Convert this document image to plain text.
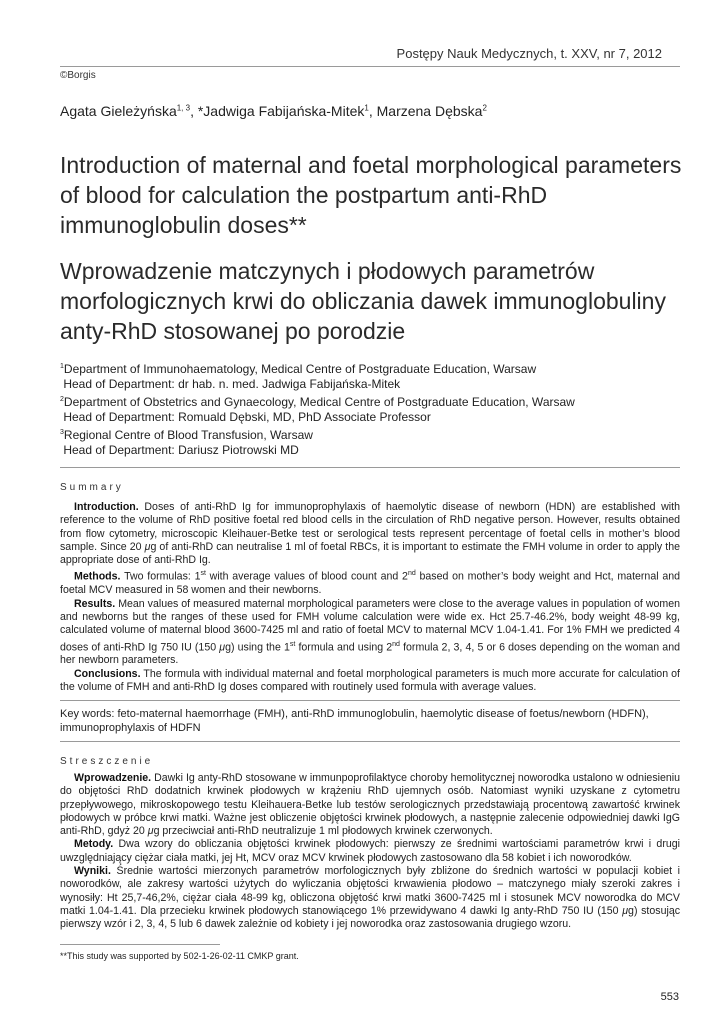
Postępy Nauk Medycznych, t. XXV, nr 7, 2012
©Borgis
Agata Gieleżyńska$^{1, 3}$, *Jadwiga Fabijańska-Mitek$^1$, Marzena Dębska$^2$
Introduction of maternal and foetal morphological parameters of blood for calculation the postpartum anti-RhD immunoglobulin doses**
Wprowadzenie matczynych i płodowych parametrów morfologicznych krwi do obliczania dawek immunoglobuliny anty-RhD stosowanej po porodzie
$^1$Department of Immunohaematology, Medical Centre of Postgraduate Education, Warsaw
Head of Department: dr hab. n. med. Jadwiga Fabijańska-Mitek
$^2$Department of Obstetrics and Gynaecology, Medical Centre of Postgraduate Education, Warsaw
Head of Department: Romuald Dębski, MD, PhD Associate Professor
$^3$Regional Centre of Blood Transfusion, Warsaw
Head of Department: Dariusz Piotrowski MD
Summary

Introduction. Doses of anti-RhD Ig for immunoprophylaxis of haemolytic disease of newborn (HDN) are established with reference to the volume of RhD positive foetal red blood cells in the circulation of RhD negative person. However, results obtained from flow cytometry, microscopic Kleihauer-Betke test or serological tests represent percentage of foetal cells in mother’s blood sample. Since 20 μg of anti-RhD can neutralise 1 ml of foetal RBCs, it is important to estimate the FMH volume in order to apply the appropriate dose of anti-RhD Ig.

Methods. Two formulas: 1st with average values of blood count and 2nd based on mother’s body weight and Hct, maternal and foetal MCV measured in 58 women and their newborns.

Results. Mean values of measured maternal morphological parameters were close to the average values in population of women and newborns but the ranges of these used for FMH volume calculation were wide ex. Hct 25.7-46.2%, body weight 48-99 kg, calculated volume of maternal blood 3600-7425 ml and ratio of foetal MCV to maternal MCV 1.04-1.41. For 1% FMH we predicted 4 doses of anti-RhD Ig 750 IU (150 μg) using the 1st formula and using 2nd formula 2, 3, 4, 5 or 6 doses depending on the woman and her newborn parameters.

Conclusions. The formula with individual maternal and foetal morphological parameters is much more accurate for calculation of the volume of FMH and anti-RhD Ig doses compared with routinely used formula with average values.

Key words: feto-maternal haemorrhage (FMH), anti-RhD immunoglobulin, haemolytic disease of foetus/newborn (HDFN), immunoprophylaxis of HDFN
Streszczenie

Wprowadzenie. Dawki Ig anty-RhD stosowane w immunpoprofilaktyce choroby hemolitycznej noworodka ustalono w odniesieniu do objętości RhD dodatnich krwinek płodowych w krążeniu RhD ujemnych osób. Natomiast wyniki uzyskane z cytometru przepływowego, mikroskopowego testu Kleihauera-Betke lub testów serologicznych przedstawiają procentową zawartość krwinek płodowych w próbce krwi matki. Ważne jest obliczenie objętości krwinek płodowych, a następnie zalecenie odpowiedniej dawki IgG anti-RhD, gdyż 20 μg przeciwciał anti-RhD neutralizuje 1 ml płodowych krwinek czerwonych.

Metody. Dwa wzory do obliczania objętości krwinek płodowych: pierwszy ze średnimi wartościami parametrów krwi i drugi uwzględniający ciężar ciała matki, jej Ht, MCV oraz MCV krwinek płodowych zastosowano dla 58 kobiet i ich noworodków.

Wyniki. Średnie wartości mierzonych parametrów morfologicznych były zbliżone do średnich wartości w populacji kobiet i noworodków, ale zakresy wartości użytych do wyliczania objętości krwawienia płodowo – matczynego miały szeroki zakres i wynosiły: Ht 25,7-46,2%, ciężar ciała 48-99 kg, obliczona objętość krwi matki 3600-7425 ml i stosunek MCV noworodka do MCV matki 1.04-1.41. Dla przecieku krwinek płodowych stanowiącego 1% przewidywano 4 dawki Ig anty-RhD 750 IU (150 μg) stosując pierwszy wzór i 2, 3, 4, 5 lub 6 dawek zależnie od kobiety i jej noworodka oraz zastosowania drugiego wzoru.

**This study was supported by 502-1-26-02-11 CMKP grant.
553
